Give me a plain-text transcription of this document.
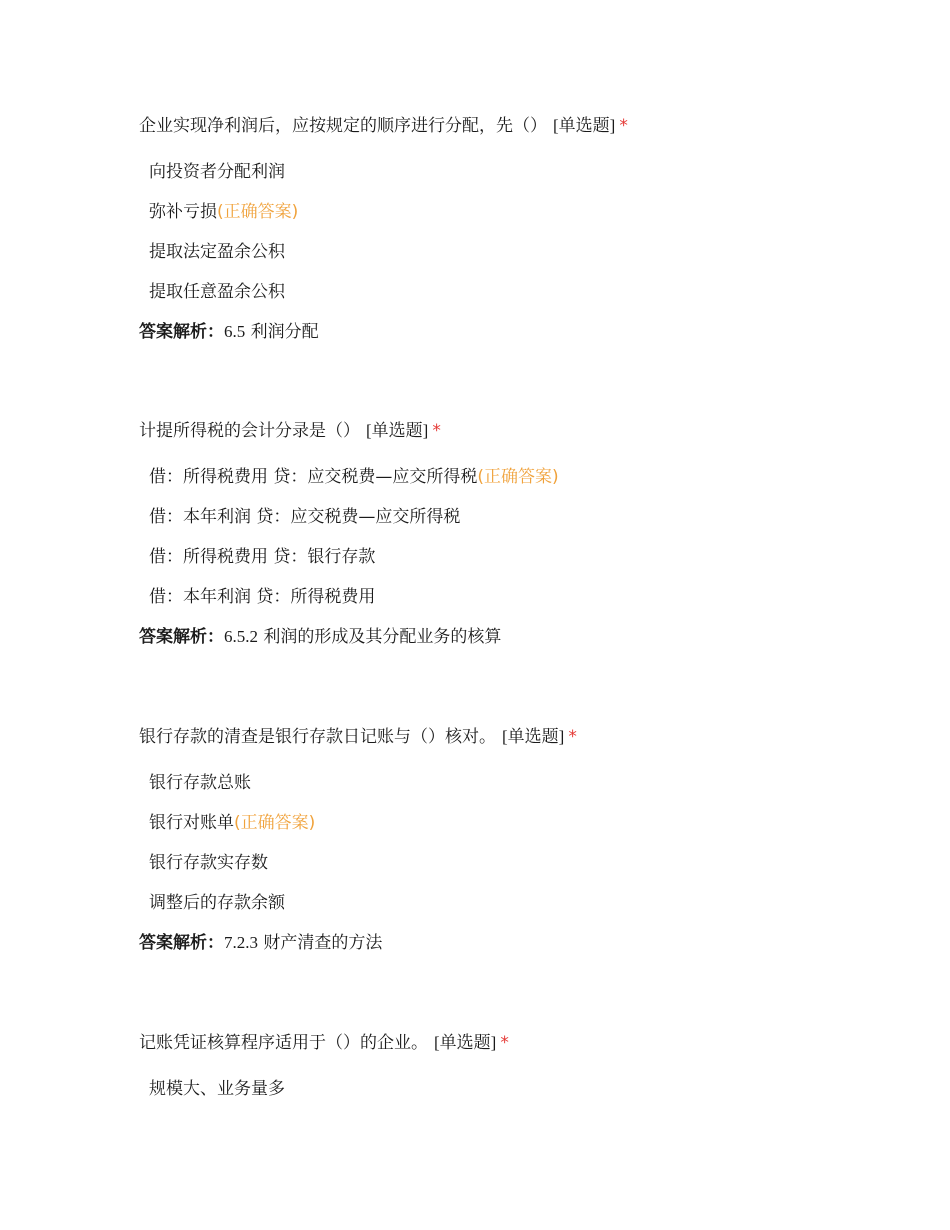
企业实现净利润后，应按规定的顺序进行分配，先（） [单选题] *
向投资者分配利润
弥补亏损(正确答案)
提取法定盈余公积
提取任意盈余公积
答案解析：6.5 利润分配
计提所得税的会计分录是（） [单选题] *
借：所得税费用 贷：应交税费—应交所得税(正确答案)
借：本年利润 贷：应交税费—应交所得税
借：所得税费用 贷：银行存款
借：本年利润 贷：所得税费用
答案解析：6.5.2 利润的形成及其分配业务的核算
银行存款的清查是银行存款日记账与（）核对。 [单选题] *
银行存款总账
银行对账单(正确答案)
银行存款实存数
调整后的存款余额
答案解析：7.2.3 财产清查的方法
记账凭证核算程序适用于（）的企业。 [单选题] *
规模大、业务量多
